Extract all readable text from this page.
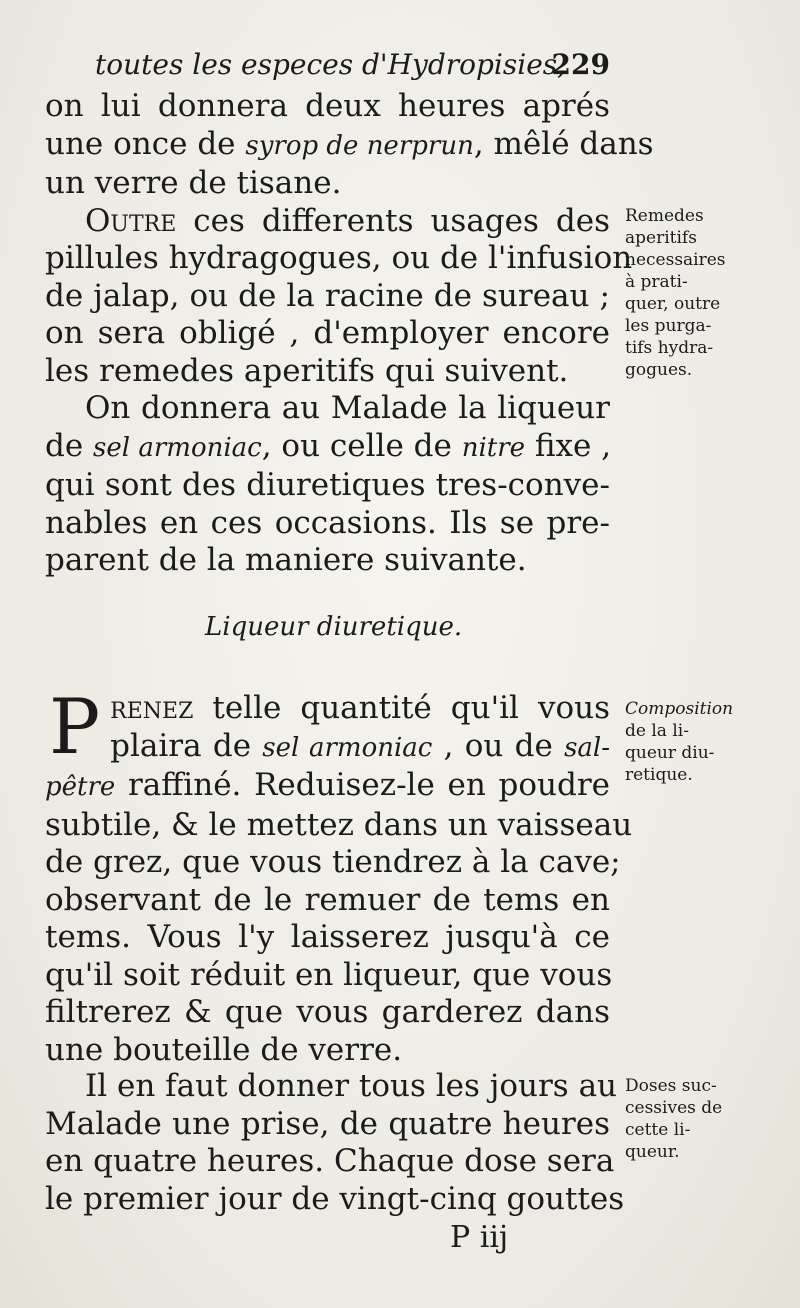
toutes les especes d'Hydropisies,
229
on lui donnera deux heures aprés
une once de syrop de nerprun, mêlé dans
un verre de tisane.
Outre ces differents usages des
pillules hydragogues, ou de l'infusion
de jalap, ou de la racine de sureau ;
on sera obligé , d'employer encore
les remedes aperitifs qui suivent.
On donnera au Malade la liqueur
de sel armoniac, ou celle de nitre fixe ,
qui sont des diuretiques tres-conve-
nables en ces occasions. Ils se pre-
parent de la maniere suivante.
Liqueur diuretique.
P renez telle quantité qu'il vous
plaira de sel armoniac , ou de sal-
pêtre raffiné. Reduisez-le en poudre
subtile, & le mettez dans un vaisseau
de grez, que vous tiendrez à la cave;
observant de le remuer de tems en
tems. Vous l'y laisserez jusqu'à ce
qu'il soit réduit en liqueur, que vous
filtrerez & que vous garderez dans
une bouteille de verre.
Il en faut donner tous les jours au
Malade une prise, de quatre heures
en quatre heures. Chaque dose sera
le premier jour de vingt-cinq gouttes
P iij
Remedes
aperitifs
necessaires
à prati-
quer, outre
les purga-
tifs hydra-
gogues.
Composition
de la li-
queur diu-
retique.
Doses suc-
cessives de
cette li-
queur.
